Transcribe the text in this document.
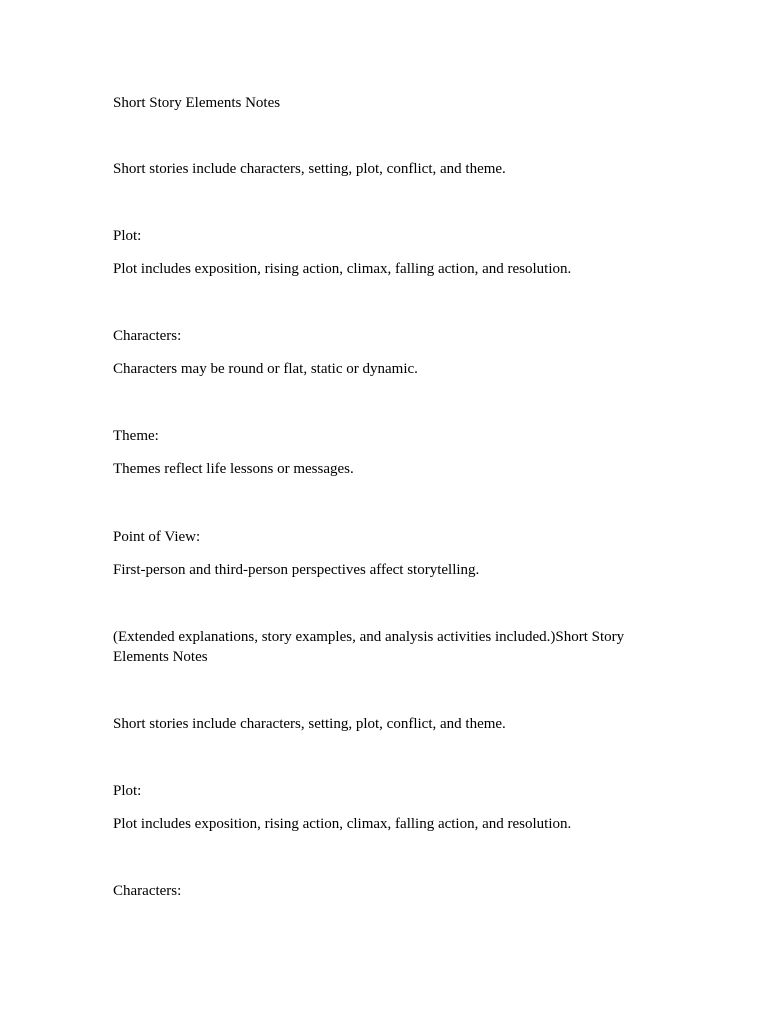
Short Story Elements Notes

Short stories include characters, setting, plot, conflict, and theme.

Plot:

Plot includes exposition, rising action, climax, falling action, and resolution.

Characters:

Characters may be round or flat, static or dynamic.

Theme:

Themes reflect life lessons or messages.

Point of View:

First-person and third-person perspectives affect storytelling.

(Extended explanations, story examples, and analysis activities included.)Short Story Elements Notes

Short stories include characters, setting, plot, conflict, and theme.

Plot:

Plot includes exposition, rising action, climax, falling action, and resolution.

Characters:
